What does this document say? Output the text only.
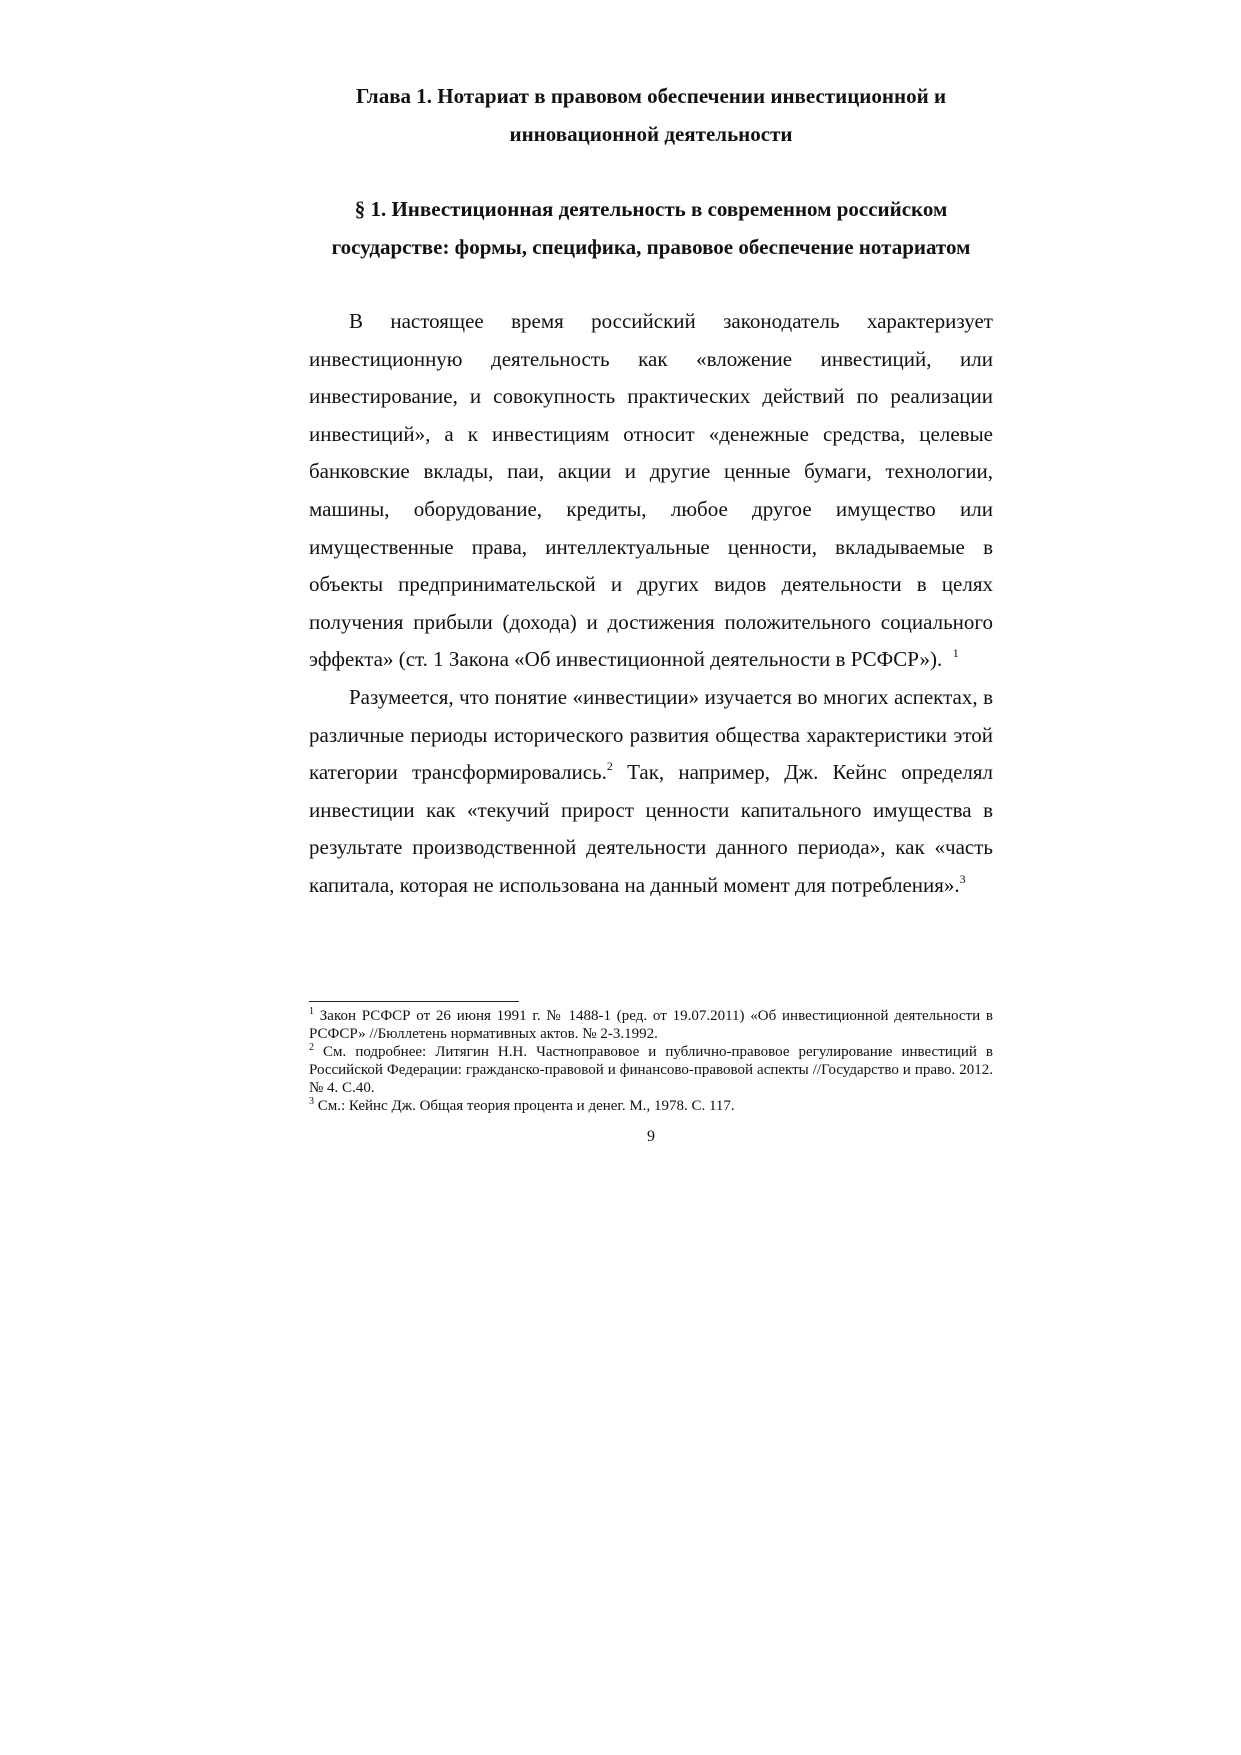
Глава 1. Нотариат в правовом обеспечении инвестиционной и
инновационной деятельности
§ 1. Инвестиционная деятельность в современном российском
государстве: формы, специфика, правовое обеспечение нотариатом

В настоящее время российский законодатель характеризует инвестиционную деятельность как «вложение инвестиций, или инвестирование, и совокупность практических действий по реализации инвестиций», а к инвестициям относит «денежные средства, целевые банковские вклады, паи, акции и другие ценные бумаги, технологии, машины, оборудование, кредиты, любое другое имущество или имущественные права, интеллектуальные ценности, вкладываемые в объекты предпринимательской и других видов деятельности в целях получения прибыли (дохода) и достижения положительного социального эффекта» (ст. 1 Закона «Об инвестиционной деятельности в РСФСР»). $^1$

Разумеется, что понятие «инвестиции» изучается во многих аспектах, в различные периоды исторического развития общества характеристики этой категории трансформировались.$^2$ Так, например, Дж. Кейнс определял инвестиции как «текучий прирост ценности капитального имущества в результате производственной деятельности данного периода», как «часть капитала, которая не использована на данный момент для потребления».$^3$

$^1$ Закон РСФСР от 26 июня 1991 г. № 1488-1 (ред. от 19.07.2011) «Об инвестиционной деятельности в РСФСР» //Бюллетень нормативных актов. № 2-3.1992.

$^2$ См. подробнее: Литягин Н.Н. Частноправовое и публично-правовое регулирование инвестиций в Российской Федерации: гражданско-правовой и финансово-правовой аспекты //Государство и право. 2012. № 4. С.40.

$^3$ См.: Кейнс Дж. Общая теория процента и денег. М., 1978. С. 117.

9
